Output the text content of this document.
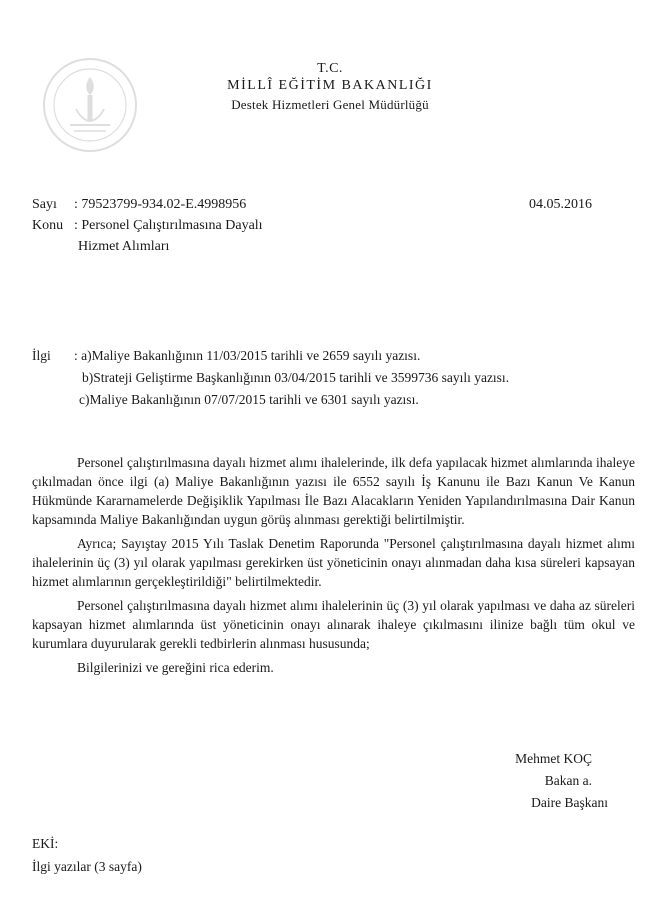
T.C.
MİLLÎ EĞİTİM BAKANLIĞI
Destek Hizmetleri Genel Müdürlüğü
Sayı : 79523799-934.02-E.4998956	04.05.2016
Konu : Personel Çalıştırılmasına Dayalı
Hizmet Alımları
İlgi : a)Maliye Bakanlığının 11/03/2015 tarihli ve 2659 sayılı yazısı.
b)Strateji Geliştirme Başkanlığının 03/04/2015 tarihli ve 3599736 sayılı yazısı.
c)Maliye Bakanlığının 07/07/2015 tarihli ve 6301 sayılı yazısı.

Personel çalıştırılmasına dayalı hizmet alımı ihalelerinde, ilk defa yapılacak hizmet alımlarında ihaleye çıkılmadan önce ilgi (a) Maliye Bakanlığının yazısı ile 6552 sayılı İş Kanunu ile Bazı Kanun Ve Kanun Hükmünde Kararnamelerde Değişiklik Yapılması İle Bazı Alacakların Yeniden Yapılandırılmasına Dair Kanun kapsamında Maliye Bakanlığından uygun görüş alınması gerektiği belirtilmiştir.

Ayrıca; Sayıştay 2015 Yılı Taslak Denetim Raporunda "Personel çalıştırılmasına dayalı hizmet alımı ihalelerinin üç (3) yıl olarak yapılması gerekirken üst yöneticinin onayı alınmadan daha kısa süreleri kapsayan hizmet alımlarının gerçekleştirildiği" belirtilmektedir.

Personel çalıştırılmasına dayalı hizmet alımı ihalelerinin üç (3) yıl olarak yapılması ve daha az süreleri kapsayan hizmet alımlarında üst yöneticinin onayı alınarak ihaleye çıkılmasını ilinize bağlı tüm okul ve kurumlara duyurularak gerekli tedbirlerin alınması hususunda;

Bilgilerinizi ve gereğini rica ederim.

Mehmet KOÇ
Bakan a.
Daire Başkanı
EKİ:
İlgi yazılar (3 sayfa)
